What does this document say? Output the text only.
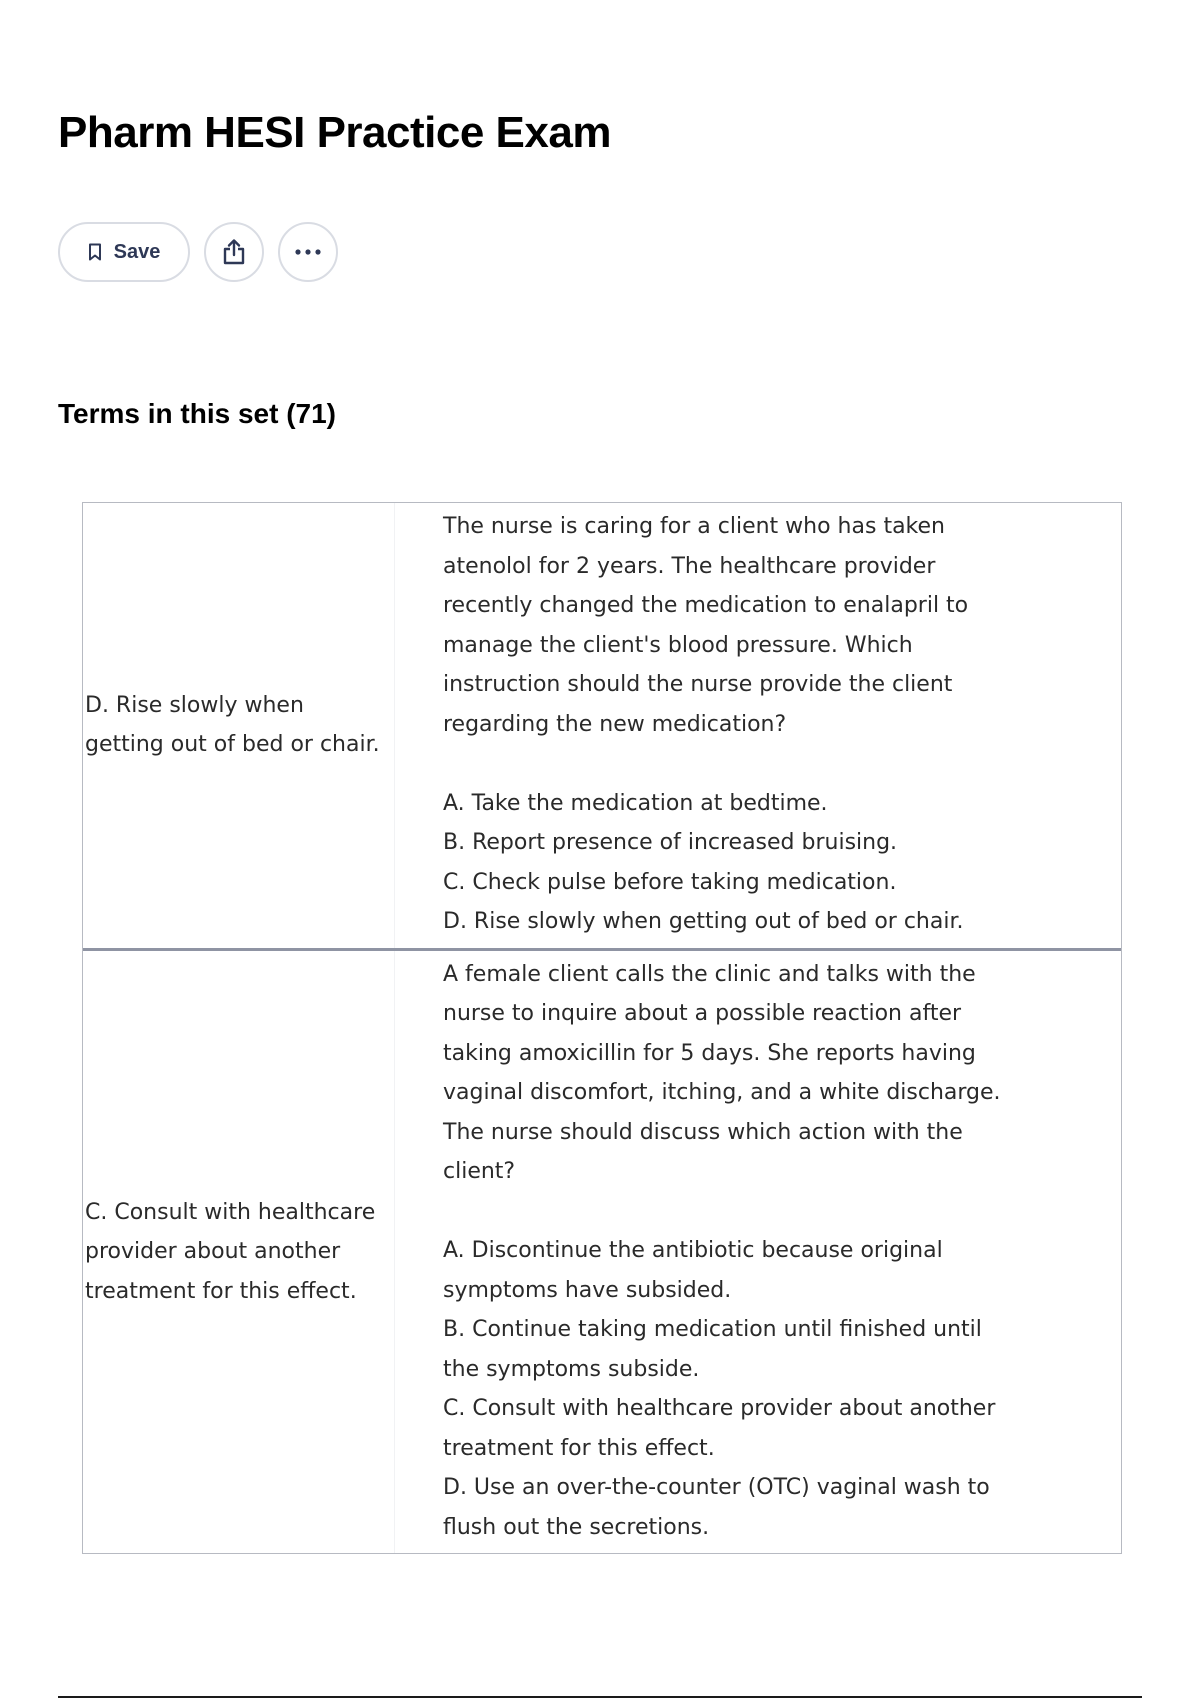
Pharm HESI Practice Exam
Save
Terms in this set (71)
D. Rise slowly when getting out of bed or chair.

The nurse is caring for a client who has taken atenolol for 2 years. The healthcare provider recently changed the medication to enalapril to manage the client's blood pressure. Which instruction should the nurse provide the client regarding the new medication?

A. Take the medication at bedtime.

B. Report presence of increased bruising.

C. Check pulse before taking medication.

D. Rise slowly when getting out of bed or chair.

C. Consult with healthcare provider about another treatment for this effect.

A female client calls the clinic and talks with the nurse to inquire about a possible reaction after taking amoxicillin for 5 days. She reports having vaginal discomfort, itching, and a white discharge. The nurse should discuss which action with the client?

A. Discontinue the antibiotic because original symptoms have subsided.

B. Continue taking medication until finished until the symptoms subside.

C. Consult with healthcare provider about another treatment for this effect.

D. Use an over-the-counter (OTC) vaginal wash to flush out the secretions.
